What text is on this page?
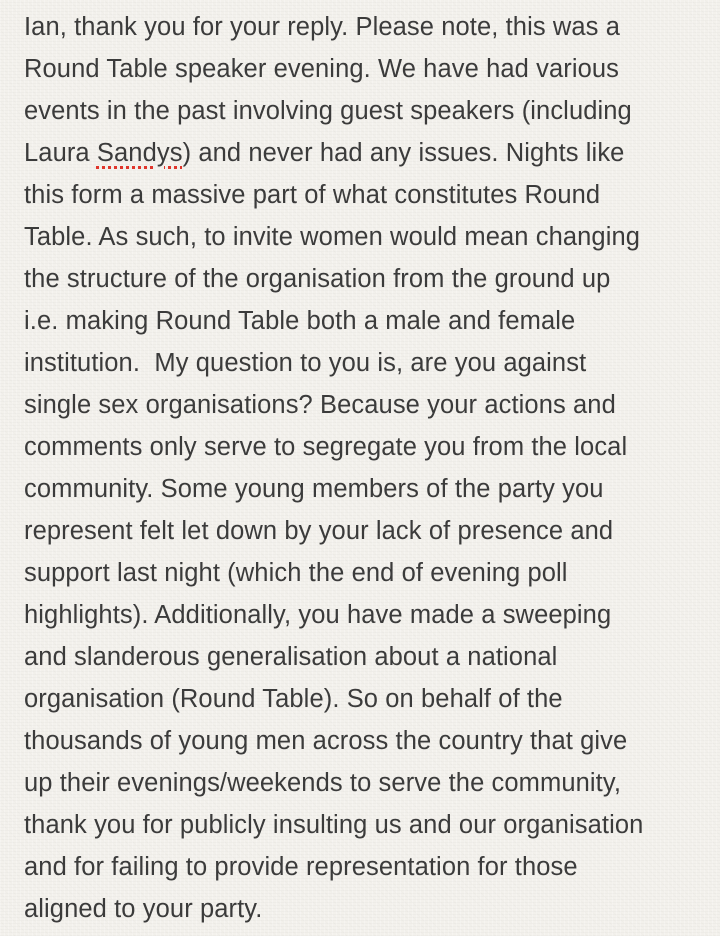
Ian, thank you for your reply. Please note, this was a
Round Table speaker evening. We have had various
events in the past involving guest speakers (including
Laura Sandys) and never had any issues. Nights like
this form a massive part of what constitutes Round
Table. As such, to invite women would mean changing
the structure of the organisation from the ground up
i.e. making Round Table both a male and female
institution.  My question to you is, are you against
single sex organisations? Because your actions and
comments only serve to segregate you from the local
community. Some young members of the party you
represent felt let down by your lack of presence and
support last night (which the end of evening poll
highlights). Additionally, you have made a sweeping
and slanderous generalisation about a national
organisation (Round Table). So on behalf of the
thousands of young men across the country that give
up their evenings/weekends to serve the community,
thank you for publicly insulting us and our organisation
and for failing to provide representation for those
aligned to your party.
